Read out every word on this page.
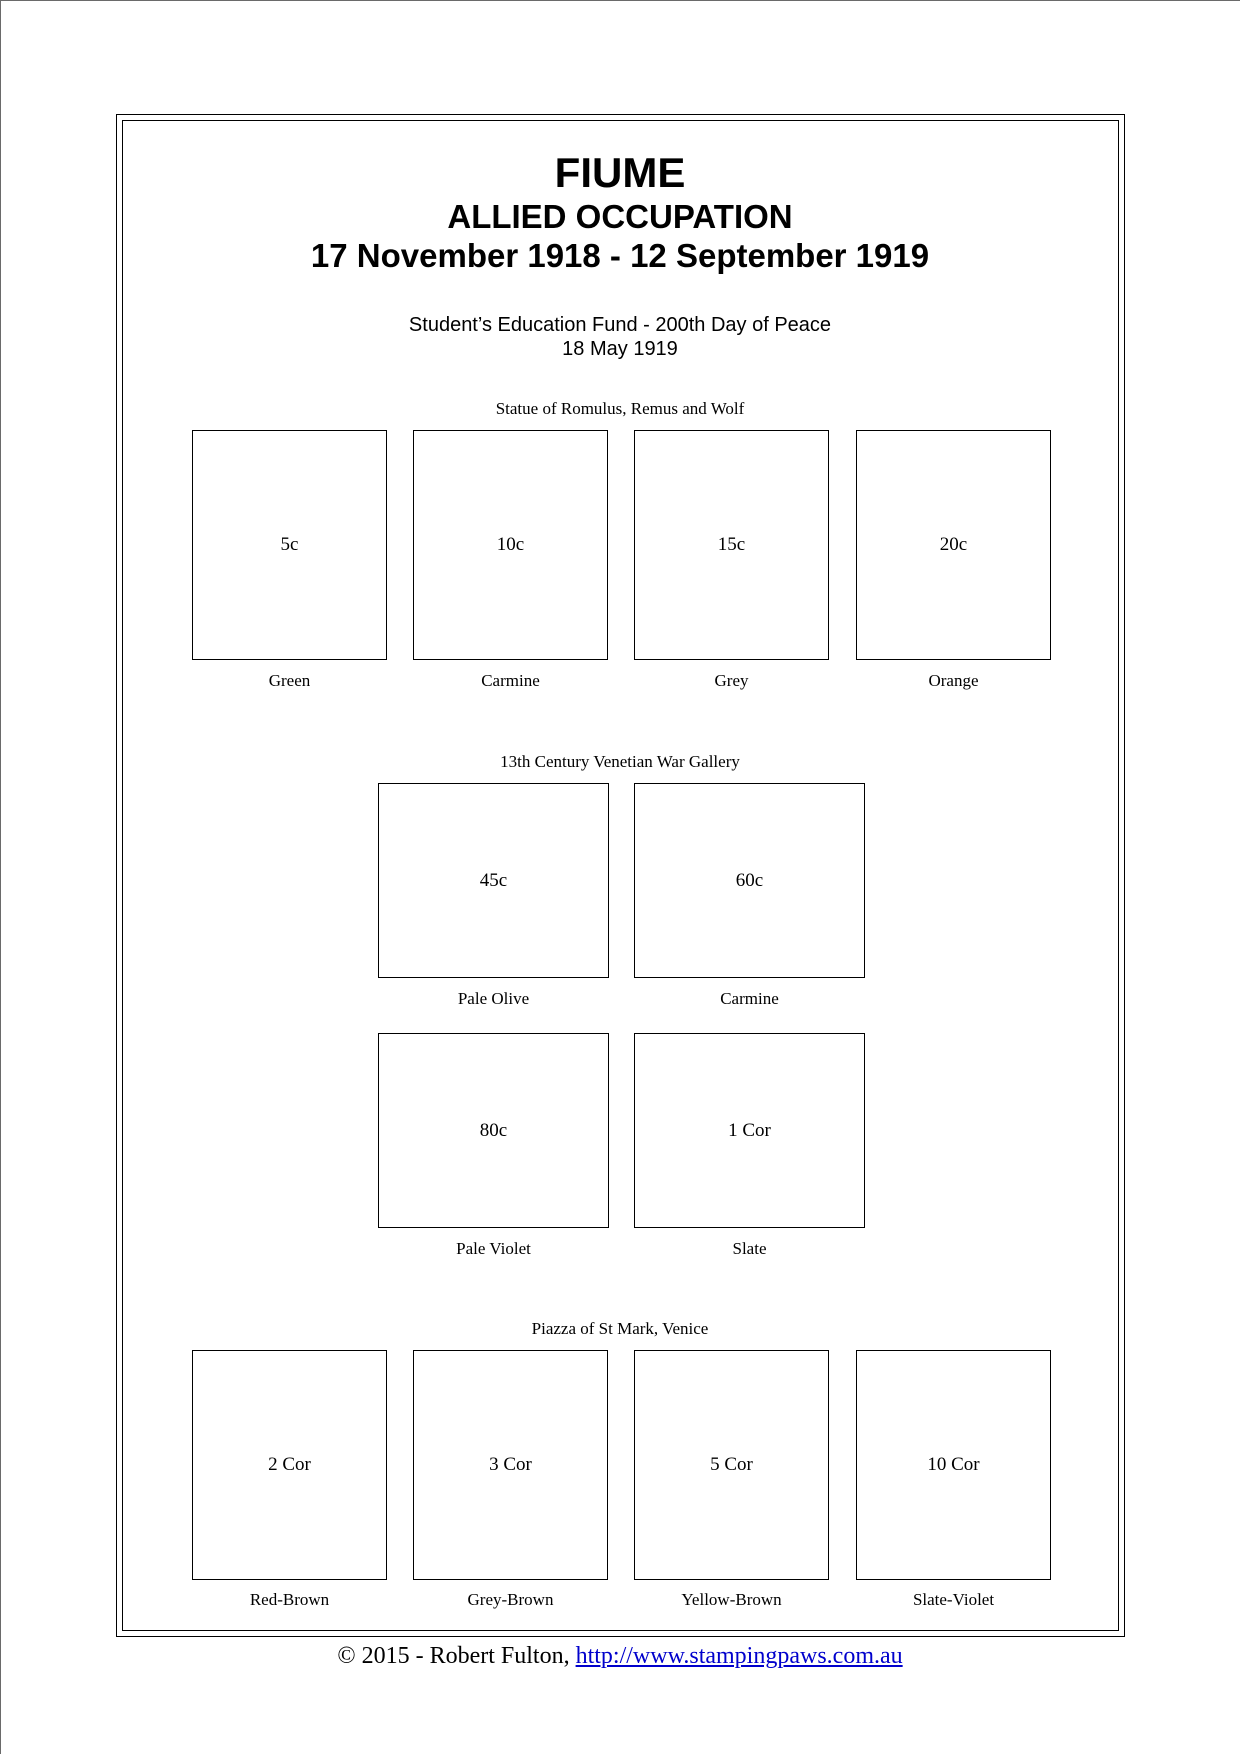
FIUME
ALLIED OCCUPATION
17 November 1918 - 12 September 1919
Student’s Education Fund - 200th Day of Peace
18 May 1919
Statue of Romulus, Remus and Wolf
5c
Green
10c
Carmine
15c
Grey
20c
Orange
13th Century Venetian War Gallery
45c
Pale Olive
60c
Carmine
80c
Pale Violet
1 Cor
Slate
Piazza of St Mark, Venice
2 Cor
Red-Brown
3 Cor
Grey-Brown
5 Cor
Yellow-Brown
10 Cor
Slate-Violet
© 2015 - Robert Fulton, http://www.stampingpaws.com.au
